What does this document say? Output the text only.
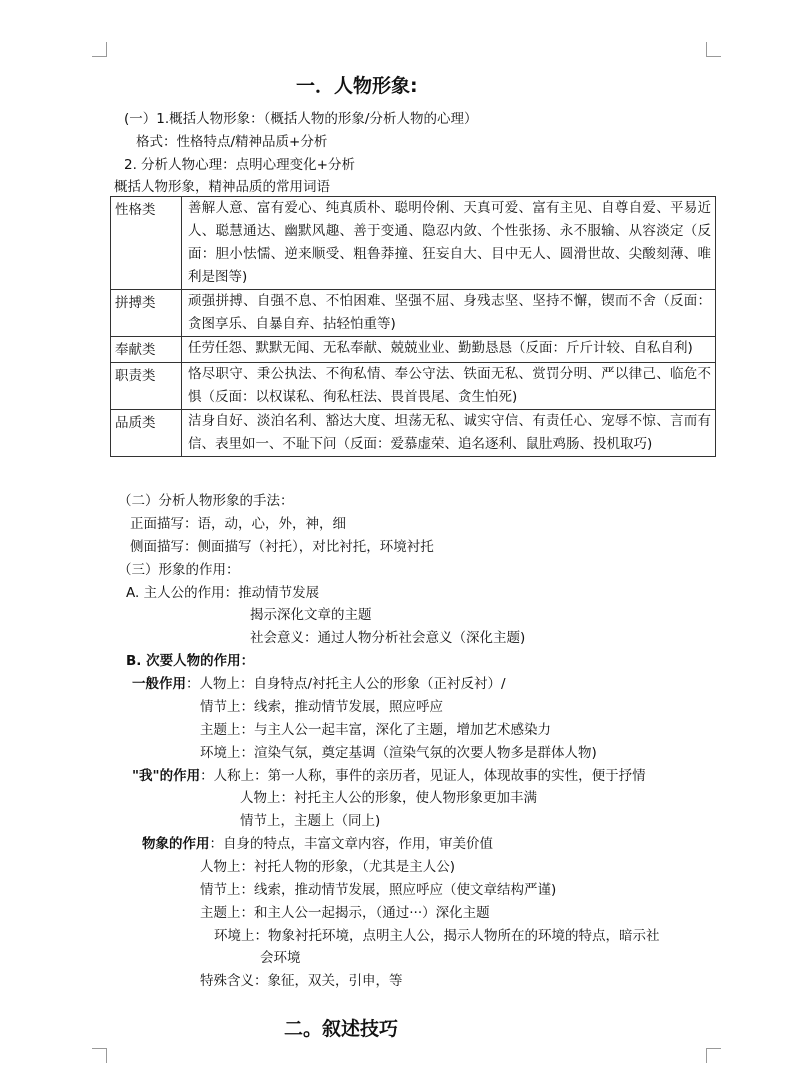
一．人物形象:
(一）1.概括人物形象：（概括人物的形象/分析人物的心理）
格式：性格特点/精神品质+分析
2. 分析人物心理：点明心理变化+分析
概括人物形象，精神品质的常用词语
性格类	善解人意、富有爱心、纯真质朴、聪明伶俐、天真可爱、富有主见、自尊自爱、平易近人、聪慧通达、幽默风趣、善于变通、隐忍内敛、个性张扬、永不服输、从容淡定（反面：胆小怯懦、逆来顺受、粗鲁莽撞、狂妄自大、目中无人、圆滑世故、尖酸刻薄、唯利是图等)
拼搏类	顽强拼搏、自强不息、不怕困难、坚强不屈、身残志坚、坚持不懈，锲而不舍（反面：贪图享乐、自暴自弃、拈轻怕重等)
奉献类	任劳任怨、默默无闻、无私奉献、兢兢业业、勤勤恳恳（反面：斤斤计较、自私自利)
职责类	恪尽职守、秉公执法、不徇私情、奉公守法、铁面无私、赏罚分明、严以律己、临危不惧（反面：以权谋私、徇私枉法、畏首畏尾、贪生怕死)
品质类	洁身自好、淡泊名利、豁达大度、坦荡无私、诚实守信、有责任心、宠辱不惊、言而有信、表里如一、不耻下问（反面：爱慕虚荣、追名逐利、鼠肚鸡肠、投机取巧)
（二）分析人物形象的手法：
正面描写：语，动，心，外，神，细
侧面描写：侧面描写（衬托），对比衬托，环境衬托
（三）形象的作用：
A. 主人公的作用：推动情节发展
揭示深化文章的主题
社会意义：通过人物分析社会意义（深化主题)
B. 次要人物的作用：
一般作用：人物上：自身特点/衬托主人公的形象（正衬反衬）/
情节上：线索，推动情节发展，照应呼应
主题上：与主人公一起丰富，深化了主题，增加艺术感染力
环境上：渲染气氛，奠定基调（渲染气氛的次要人物多是群体人物)
"我"的作用：人称上：第一人称，事件的亲历者，见证人，体现故事的实性，便于抒情
人物上：衬托主人公的形象，使人物形象更加丰满
情节上，主题上（同上)
物象的作用：自身的特点，丰富文章内容，作用，审美价值
人物上：衬托人物的形象，（尤其是主人公)
情节上：线索，推动情节发展，照应呼应（使文章结构严谨)
主题上：和主人公一起揭示，（通过···）深化主题
环境上：物象衬托环境，点明主人公，揭示人物所在的环境的特点，暗示社
会环境
特殊含义：象征，双关，引申，等
二。叙述技巧
